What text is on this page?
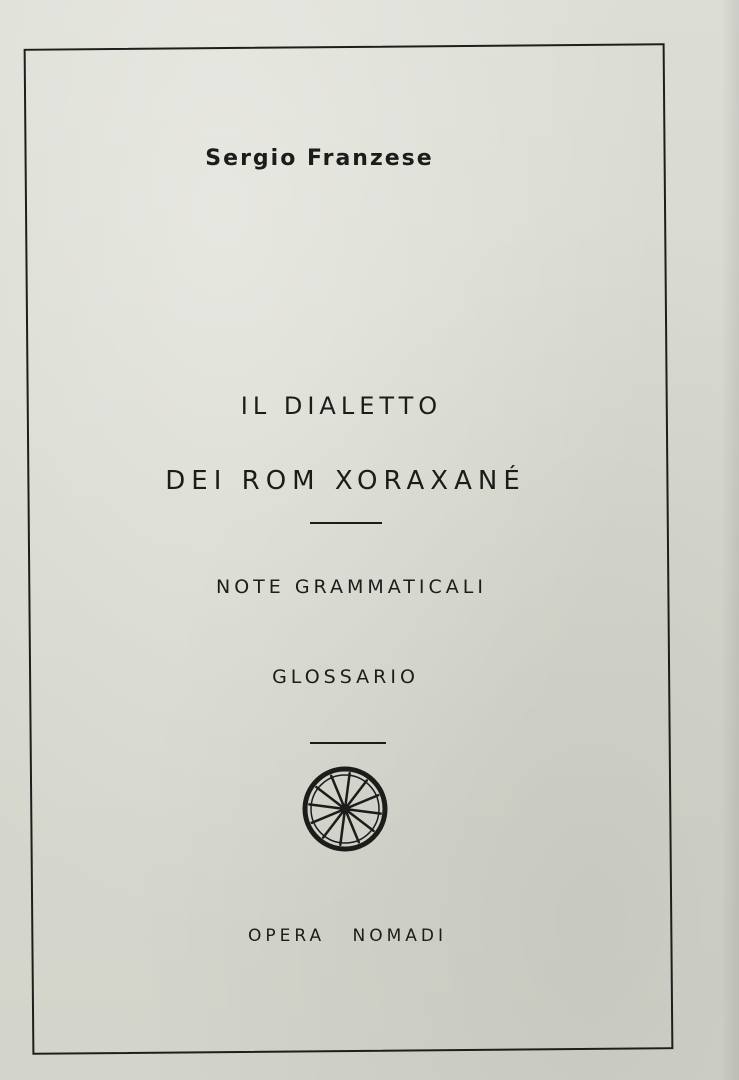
Sergio Franzese
IL DIALETTO
DEI ROM XORAXANÉ
NOTE GRAMMATICALI
GLOSSARIO
OPERA NOMADI
